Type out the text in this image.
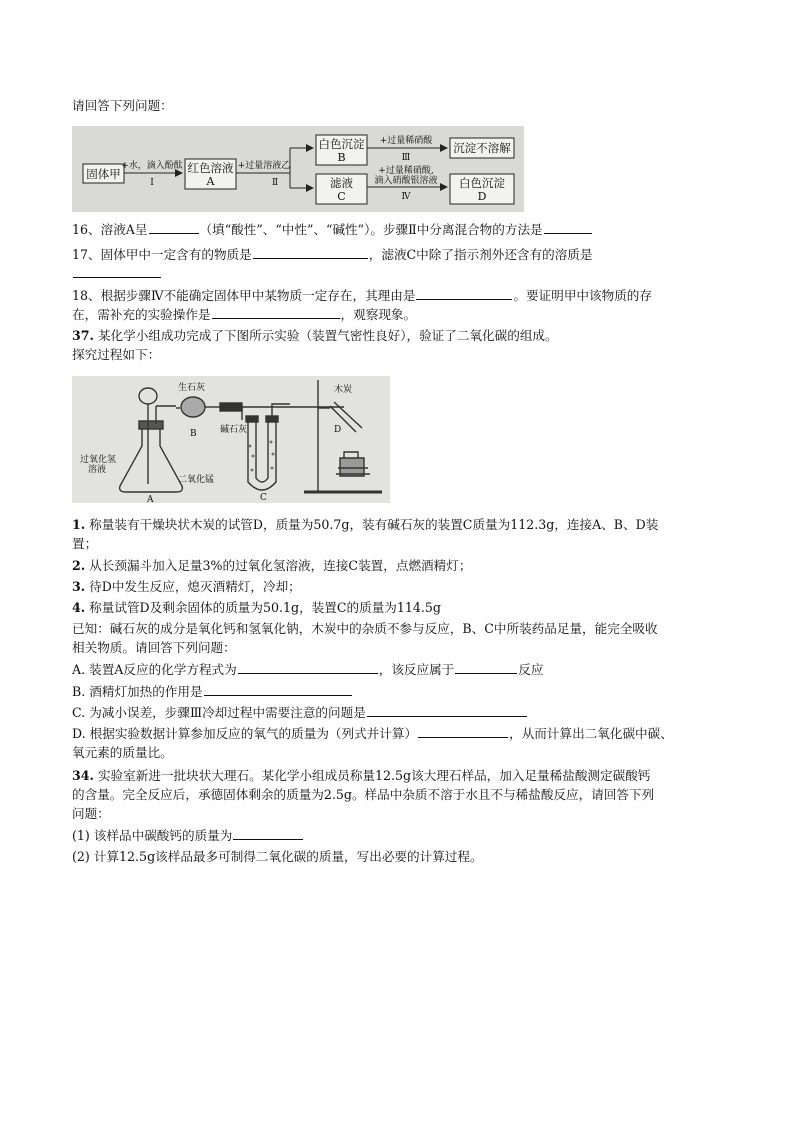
请回答下列问题：
固体甲
+水，滴入酚酞
Ⅰ
红色溶液
A
+过量溶液乙
Ⅱ
白色沉淀
B
+过量稀硝酸
Ⅲ
沉淀不溶解
滤液
C
+过量稀硝酸,
滴入硝酸银溶液
Ⅳ
白色沉淀
D
16、溶液A呈	（填“酸性”、“中性”、“碱性”）。步骤Ⅱ中分离混合物的方法是
17、固体甲中一定含有的物质是	，滤液C中除了指示剂外还含有的溶质是
18、根据步骤Ⅳ不能确定固体甲中某物质一定存在，其理由是	。要证明甲中该物质的存
在，需补充的实验操作是	，观察现象。
37. 某化学小组成功完成了下图所示实验（装置气密性良好），验证了二氧化碳的组成。
探究过程如下：
生石灰	木炭
过氧化氢
溶液
碱石灰
二氧化锰
A
B
C
D
1. 称量装有干燥块状木炭的试管D，质量为50.7g，装有碱石灰的装置C质量为112.3g，连接A、B、D装
置；
2. 从长颈漏斗加入足量3%的过氧化氢溶液，连接C装置，点燃酒精灯；
3. 待D中发生反应，熄灭酒精灯，冷却；
4. 称量试管D及剩余固体的质量为50.1g，装置C的质量为114.5g
已知：碱石灰的成分是氧化钙和氢氧化钠，木炭中的杂质不参与反应，B、C中所装药品足量，能完全吸收
相关物质。请回答下列问题：
A. 装置A反应的化学方程式为	，该反应属于	反应
B. 酒精灯加热的作用是
C. 为减小误差，步骤Ⅲ冷却过程中需要注意的问题是
D. 根据实验数据计算参加反应的氧气的质量为（列式并计算）	，从而计算出二氧化碳中碳、
氧元素的质量比。
34. 实验室新进一批块状大理石。某化学小组成员称量12.5g该大理石样品，加入足量稀盐酸测定碳酸钙
的含量。完全反应后，承德固体剩余的质量为2.5g。样品中杂质不溶于水且不与稀盐酸反应，请回答下列
问题：
(1) 该样品中碳酸钙的质量为
(2) 计算12.5g该样品最多可制得二氧化碳的质量，写出必要的计算过程。
